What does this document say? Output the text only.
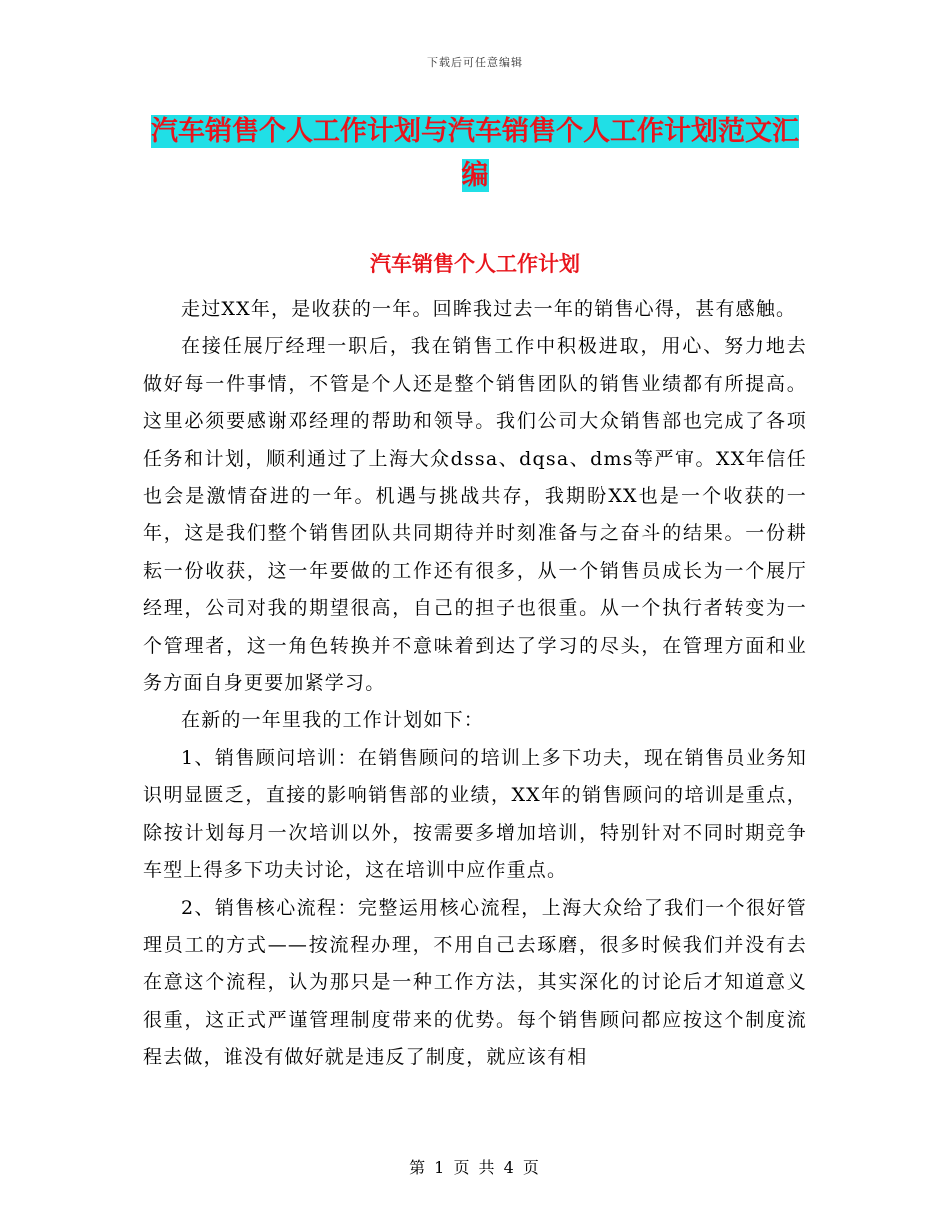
下载后可任意编辑
汽车销售个人工作计划与汽车销售个人工作计划范文汇编
汽车销售个人工作计划

走过XX年，是收获的一年。回眸我过去一年的销售心得，甚有感触。

在接任展厅经理一职后，我在销售工作中积极进取，用心、努力地去做好每一件事情，不管是个人还是整个销售团队的销售业绩都有所提高。这里必须要感谢邓经理的帮助和领导。我们公司大众销售部也完成了各项任务和计划，顺利通过了上海大众dssa、dqsa、dms等严审。XX年信任也会是激情奋进的一年。机遇与挑战共存，我期盼XX也是一个收获的一年，这是我们整个销售团队共同期待并时刻准备与之奋斗的结果。一份耕耘一份收获，这一年要做的工作还有很多，从一个销售员成长为一个展厅经理，公司对我的期望很高，自己的担子也很重。从一个执行者转变为一个管理者，这一角色转换并不意味着到达了学习的尽头，在管理方面和业务方面自身更要加紧学习。

在新的一年里我的工作计划如下：

1、销售顾问培训：在销售顾问的培训上多下功夫，现在销售员业务知识明显匮乏，直接的影响销售部的业绩，XX年的销售顾问的培训是重点，除按计划每月一次培训以外，按需要多增加培训，特别针对不同时期竞争车型上得多下功夫讨论，这在培训中应作重点。

2、销售核心流程：完整运用核心流程，上海大众给了我们一个很好管理员工的方式——按流程办理，不用自己去琢磨，很多时候我们并没有去在意这个流程，认为那只是一种工作方法，其实深化的讨论后才知道意义很重，这正式严谨管理制度带来的优势。每个销售顾问都应按这个制度流程去做，谁没有做好就是违反了制度，就应该有相

第 1 页 共 4 页
